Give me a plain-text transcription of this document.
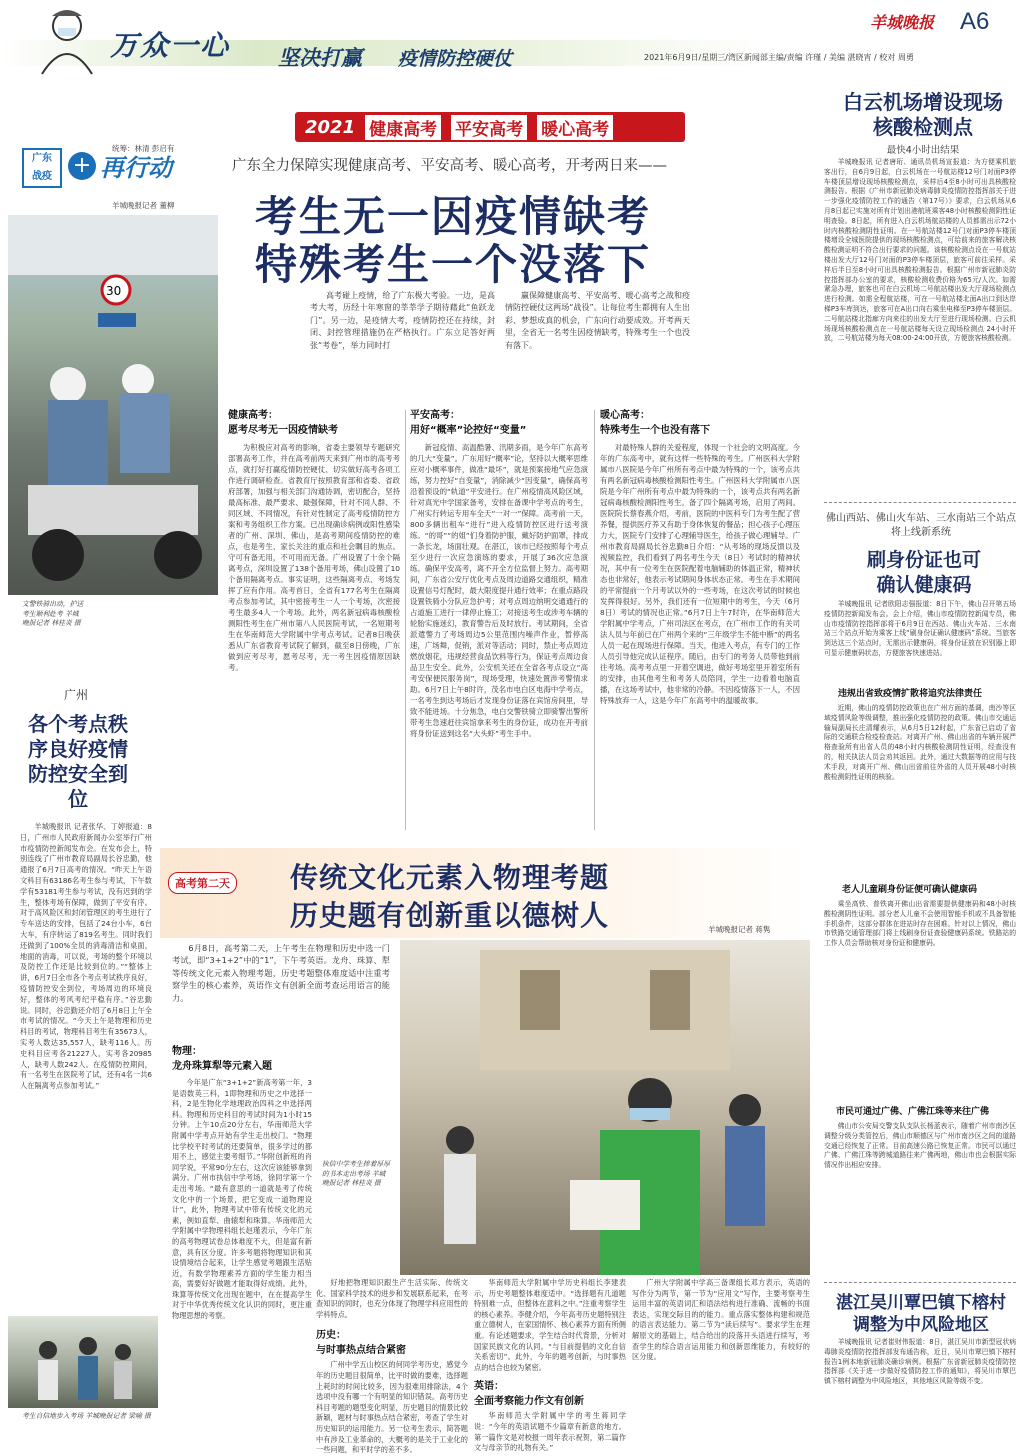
万众一心 坚决打赢 疫情防控硬仗
羊城晚报 A6
2021年6月9日/星期三/湾区新闻部主编/责编 许瑾 / 美编 湛晓宵 / 校对 周勇
2021 健康高考 平安高考 暖心高考
广东
战疫 + 再行动
统筹：林清 彭启有
羊城晚报记者 董柳
广东全力保障实现健康高考、平安高考、暖心高考，开考两日来——
考生无一因疫情缺考
特殊考生一个没落下
30
文警铁骑出动，护送考生顺利赴考 羊城晚报记者 林桂炎 摄

高考碰上疫情，给了广东极大考验。一边，是高考大考，历经十年寒窗的莘莘学子期待藉此“鱼跃龙门”。另一边，是疫情大考，疫情防控还在持续，封闭、封控管理措施仍在严格执行。广东立足答好两张“考卷”，举力同时打

赢保障健康高考、平安高考、暖心高考之战和疫情防控硬仗这两场“战役”。让每位考生都拥有人生出彩、梦想成真的机会，广东向行动要成效。开考两天里，全省无一名考生因疫情缺考，特殊考生一个也没有落下。

健康高考：
愿考尽考无一因疫情缺考

为积极应对高考的影响，省委主要领导专题研究部署高考工作，并在高考前两天来到广州市的高考考点，就打好打赢疫情防控硬仗、切实做好高考各项工作进行调研检查。省教育厅按照教育部和省委、省政府部署，加强与相关部门沟通协调，密切配合，坚持最高标准、最严要求、最强保障，针对不同人群、不同区域、不同情况，有针对性制定了高考疫情防控方案和考务组织工作方案。已出现确诊病例或阳性感染者的广州、深圳、佛山，是高考期间疫情防控的难点，也是考生、家长关注的重点和社会瞩目的焦点。守可有备无用，不可用而无备。广州设置了十余个隔离考点，深圳设置了138个备用考场，佛山设置了10个备用隔离考点。事实证明，这些隔离考点、考场发挥了应有作用。高考首日，全省有177名考生在隔离考点参加考试，其中密接考生一人一个考场，次密接考生最多4人一个考场。此外，两名新冠病毒核酸检测阳性考生在广州市第八人民医院考试，一名短期考生在华南师范大学附属中学考点考试。记者8日晚获悉从广东省教育考试院了解到，截至8日傍晚，广东做到应考尽考，愿考尽考，无一考生因疫情原因缺考。

平安高考：
用好“概率”论控好“变量”

新冠疫情、高温酷暑、汛期多雨，是今年广东高考的几大“变量”。广东用好“概率”论，坚持以大概率思维应对小概率事件，做准“最坏”，就是预案接地气应急演练，努力控好“自变量”，消除减少“因变量”，确保高考沿着预设的“轨道”平安进行。在广州疫情高风险区域，针对真光中学国家备考，安排在备课中学考点的考生，广州实行转运专用车全天“一对一”保障。高考前一天，800多辆出租车“进行”进入疫情防控区进行送考演练。“的哥”“的姐”们身着防护服，戴好防护面罩，排成一条长龙，场面壮观。在湛江，该市已经按照每个考点至少进行一次应急演练的要求，开展了36次应急演练。确保平安高考，离不开全方位监督上努力。高考期间，广东省公安厅优化考点及周边道路交通组织，精准设置信号灯配时，最大限度提升通行效率；在重点路段设置铁骑小分队应急护考；对考点周边纳明交通通行的占道施工进行一律停止施工；对接送考生或涉考车辆的轮胎实施迷幻，教育警告后及时放行。考试期间，全省派遣警力了考场周边5公里范围内噪声作业，暂停高速，广场舞，促销，派对等活动；同时，禁止考点周边燃放烟花，违规经营食品饮料等行为，保证考点周边食品卫生安全。此外，公安机关还在全省各考点设立“高考安保便民服务岗”，现场受理，快速处置涉考警情求助。6月7日上午8时许，茂名市电白区电海中学考点，一名考生到达考场后才发现身份证落在宾馆房间里，导致不能进场。十分焦急，电白交警铁骑立即骑警出警所带考生急速赶往宾馆拿来考生的身份证，成功在开考前将身份证送到这名“大头虾”考生手中。

暖心高考：
特殊考生一个也没有落下

对最特殊人群的关爱程度，体现一个社会的文明高度。今年的广东高考中，就有这样一些特殊的考生。广州医科大学附属市八医院是今年广州所有考点中最为特殊的一个，该考点共有两名新冠病毒核酸检测阳性考生。广州医科大学附属市八医院是今年广州所有考点中最为特殊的一个，该考点共有两名新冠病毒核酸检测阳性考生。备了四个隔离考场，启用了两间。医院院长蔡春燕介绍，考前，医院的中医科专门为考生配了营养餐，提供医疗养又有助于身体恢复的餐品；担心孩子心理压力大，医院专门安排了心理辅导医生，给孩子做心理辅导。广州市教育局副局长谷忠勤8日介绍：“从考场的现场反馈以及视频监控，我们看到了两名考生今天（8日）考试时的精神状况，其中有一位考生在医院配着电脑辅助的体温正常，精神状态也非常好，他表示考试期间身体状态正常。考生在手术期间的平常提前一个月考试以外的一些考场，在这次考试的时候也发挥得很好。另外，我们还有一位短期中的考生，今天（6月8日）考试的情况也正常。”6月7日上午7时许，在华南师范大学附属中学考点，广州司法区在考点，在广州市工作的有关司法人员与年前已在广州两个来的“三年级学生不能中断”的两名人员一起在现场进行保障。当天，他进入考点，有专门的工作人员引导他完成认证程序。随后，由专门的考务人员带他到前往考场。高考考点里一开着空调进，做好考场室里开着室所有的安排，由其他考生和考务人员陪同，学生一边看着电脑直播，在这场考试中，他非常的冷静。不因疫情落下一人，不因特殊放弃一人，这是今年广东高考中的温暖故事。

广州
各个考点秩序良好疫情防控安全到位

羊城晚报讯 记者张华、丁婷报道：8日，广州市人民政府新闻办公室举行广州市疫情防控新闻发布会。在发布会上，特别连线了广州市教育局副局长谷忠勤，他通报了6月7日高考的情况。“昨天上午语文科目有63186名考生参与考试，下午数学有53181考生参与考试，没有迟到的学生，整体考场有保障，做到了平安有序。对于高风险区和封闭管理区的考生进行了专车送达的安排，包括了24台小车，6台大车，有序转运了819名考生。同时我们还做到了100%全员的消毒清洁和桌面，地面的消毒，可以说，考场的整个环境以及防控工作还是比较到位的。”“整体上讲，6月7日全市各个考点考试秩序良好，疫情防控安全到位，考场周边的环境良好，整体的考风考纪平稳有序。”谷忠勤说。同时，谷忠勤还介绍了6月8日上午全市考试的情况。“今天上午是物理和历史科目的考试，物理科目考生有35673人，实考人数达35,557人，缺考116人。历史科目应考各21227人，实考各20985人，缺考人数242人。在疫情防控期间，有一名考生在医院考了试，还有4名一共6人在隔离考点参加考试。”

考生自信地步入考场 羊城晚报记者 梁喻 摄
白云机场增设现场核酸检测点
最快4小时出结果

羊城晚报讯 记者唐珩、通讯员机场宣报道：为方便乘机旅客出行，自6月9日起，白云机场在一号航站楼12号门对面P3停车楼顶层增设现场核酸检测点，采样后4至8小时可出具核酸检测报告。根据《广州市新冠肺炎病毒肺炎疫情防控指挥部关于进一步强化疫情防控工作的通告（第17号）》要求，白云机场从6月8日起已实施对所有计划出港航班乘客48小时核酸检测阴性证明查验。8日起，所有进入白云机场航站楼的人员都需出示72小时内核酸检测阴性证明。在一号航站楼12号门对面P3停车楼顶楼增设全城医院提供的现场核酸检测点，可给前来的旅客解决核酸检测证明不符合出行要求的问题。该核酸检测点设在一号航站楼出发大厅12号门对面的P3停车楼顶层，旅客可前往采样。采样后半日至8小时可出具核酸检测报告。根据广州市新冠肺炎防控指挥部办公室的要求，核酸检测收费价格为65元/人次。如需紧急办理，旅客也可在白云机场二号航站楼出发大厅现场检测点进行检测。如需全程航站楼，可在一号航站楼北面A出口到达岸梯P3车库到达，旅客可在A出口向右乘坐电梯至P3停车楼顶层。二号航站楼北指廊方向来往的出发大厅至进行现场检测。白云机场现场核酸检测点在一号航站楼每天设立现场检测点 24小时开放，二号航站楼为每天08:00-24:00开放，方便旅客核酸检测。

佛山西站、佛山火车站、三水南站三个站点将上线新系统
刷身份证也可确认健康码

羊城晚报讯 记者欧阳志强报道：8日下午，佛山召开第五场疫情防控新闻发布会。会上介绍，佛山市疫情防控新闻专员，佛山市疫情防控指挥部将于6月9日在西站、佛山火车站、三水南站三个站点开始为乘客上线“刷身份证确认健康码”系统。当旅客到达这三个站点时，无需出示健康码，将身份证放在识别器上即可显示健康码状态，方便旅客快速进站。

违规出省致疫情扩散将追究法律责任

近期，佛山的疫情防控政策也在广州方面的基调，南沙等区域疫情风险等级调整，推出强化疫情防控的政策。佛山市交通运输局副局长庄清耀表示，从6月5日12时起，广东省已启动了省际的交通联合检疫检查站。对离开广州、佛山出省的车辆开展严格查验所有出省人员的48小时内核酸检测阴性证明，经查没有的，相关执法人员会劝其返回。此外，通过大数据等的应用与技术手段，对离开广州、佛山出省前往外省的人员开展48小时核酸检测阴性证明的核验。

老人儿童刷身份证便可确认健康码

乘坐高铁、普铁离开佛山出省需要提供健康码和48小时核酸检测阴性证明。部分老人儿童不会使用智能手机或不具备智能手机条件，这部分群体在进站时存在困难。针对以上情况，佛山市铁路交通管理部门将上线刷身份证查验健康码系统。铁路站的工作人员会帮助核对身份证和健康码。

市民可通过广佛、广佛江珠等来往广佛

佛山市公安局交警支队支队长杨蓝表示，随着广州市南沙区调整分级分类管控后，佛山市顺德区与广州市南沙区之间的道路交通已经恢复了正常。目前高速公路已恢复正常。市民可以通过广佛、广佛江珠等跨城道路往来广佛两地，佛山市也会根据实际情况作出相应安排。

湛江吴川覃巴镇下榕村调整为中风险地区

羊城晚报讯 记者崔财伟报道：8日，湛江吴川市新型冠状病毒肺炎疫情防控指挥部发布通告称，近日，吴川市覃巴镇下榕村报告1例本地新冠肺炎确诊病例。根据广东省新冠肺炎疫情防控指挥部《关于进一步做好疫情防控工作的通知》，将吴川市覃巴镇下榕村调整为中风险地区，其他地区风险等级不变。

高考第二天 传统文化元素入物理考题
历史题有创新重以德树人	羊城晚报记者 蒋隽

6月8日，高考第二天，上午考生在物理和历史中选一门考试，即“3+1+2”中的“1”，下午考英语。龙舟、珠算、犁等传统文化元素入物理考题，历史考题整体难度适中注重考察学生的核心素养，英语作文有创新全面考查运用语言的能力。

执信中学考生捧着厚厚的书本走出考场 羊城晚报记者 林桂炎 摄
物理：
龙舟珠算犁等元素入题

今年是广东“3+1+2”新高考第一年，3是语数英三科，1即物理和历史之中选择一科，2是生物化学地理政治四科之中选择两科。物理和历史科目的考试时间为1小时15分钟。上午10点20分左右，华南师范大学附属中学考点开始有学生走出校门。“物理比学校平时考试的还要简单，很多学过的都用不上，感觉主要考细节。”华附创新班的肖同学说，平常90分左右，这次应该能够拿到满分。广州市执信中学考场，徐同学第一个走出考场。“最有意思的一道就是考了传统文化中的一个场景，把它变成一道物理设计”，此外，物理考试中带有传统文化的元素，例如直犁、曲辕犁和珠算。华南师范大学附属中学物理科组长赵瑾表示，今年广东的高考物理试卷总体难度不大，但是富有新意，具有区分度。许多考题将物理知识和其设情境结合起来，让学生感觉考题跟生活贴近，有数学物理素养方面的学生能力相当高，需要好好做题才能取得好成绩。此外，珠算等传统文化出现在题中，在在提高学生对于中华优秀传统文化认识的同时，更注重物理思想的考察。

好地把物理知识跟生产生活实际、传统文化、国家科学技术的进步和发展联系起来，在考查知识的同时，也充分体现了物理学科应用性的学科特点。

历史：
与时事热点结合紧密

广州中学五山校区的何同学考历史，感觉今年的历史题目很简单，比平时做的要难，选择题上耗时的时间比较多，因为很难用排除法，4个选项中没有哪一个有明显的知识错误。高考历史科目考题的题型变化明显，历史题目的情景比较新颖，题材与时事热点结合紧密，考查了学生对历史知识的运用能力。另一位考生表示，简答题中有涉及工业革命的，大概考的是关于工业化的一些问题，和平时学的差不多。

华南师范大学附属中学历史科组长李建表示，历史考题整体难度适中。“选择题有几道题特别难一点，但整体在意料之中。”注重考察学生的核心素养。李健介绍，今年高考历史题特别注重立德树人，在家国情怀、核心素养方面有所侧重。有论述题要求，学生结合时代背景，分析对国家民族文化的认同。“与目前提倡的文化自信关系密切”。此外，今年的题考创新，与时事热点的结合也较为紧密。

英语：
全面考察能力作文有创新

华南师范大学附属中学的考生蒋同学说：“今年的英语试题不少篇章有新意的地方。第一篇作文是对校报一周年表示祝贺，第二篇作文与母亲节的礼物有关。”

广州大学附属中学高三备课组长邓方表示，英语的写作分为两节，第一节为“应用文”写作，主要考察考生运用丰富的英语词汇和语法结构进行准确、流畅的书面表达，实现交际目的的能力。重点落实整体构建和规范的语言表达能力。第二节为“读后续写”。要求学生在理解原文的基础上，结合给出的段落开头语进行续写，考查学生的综合语言运用能力和创新思维能力，有较好的区分度。
